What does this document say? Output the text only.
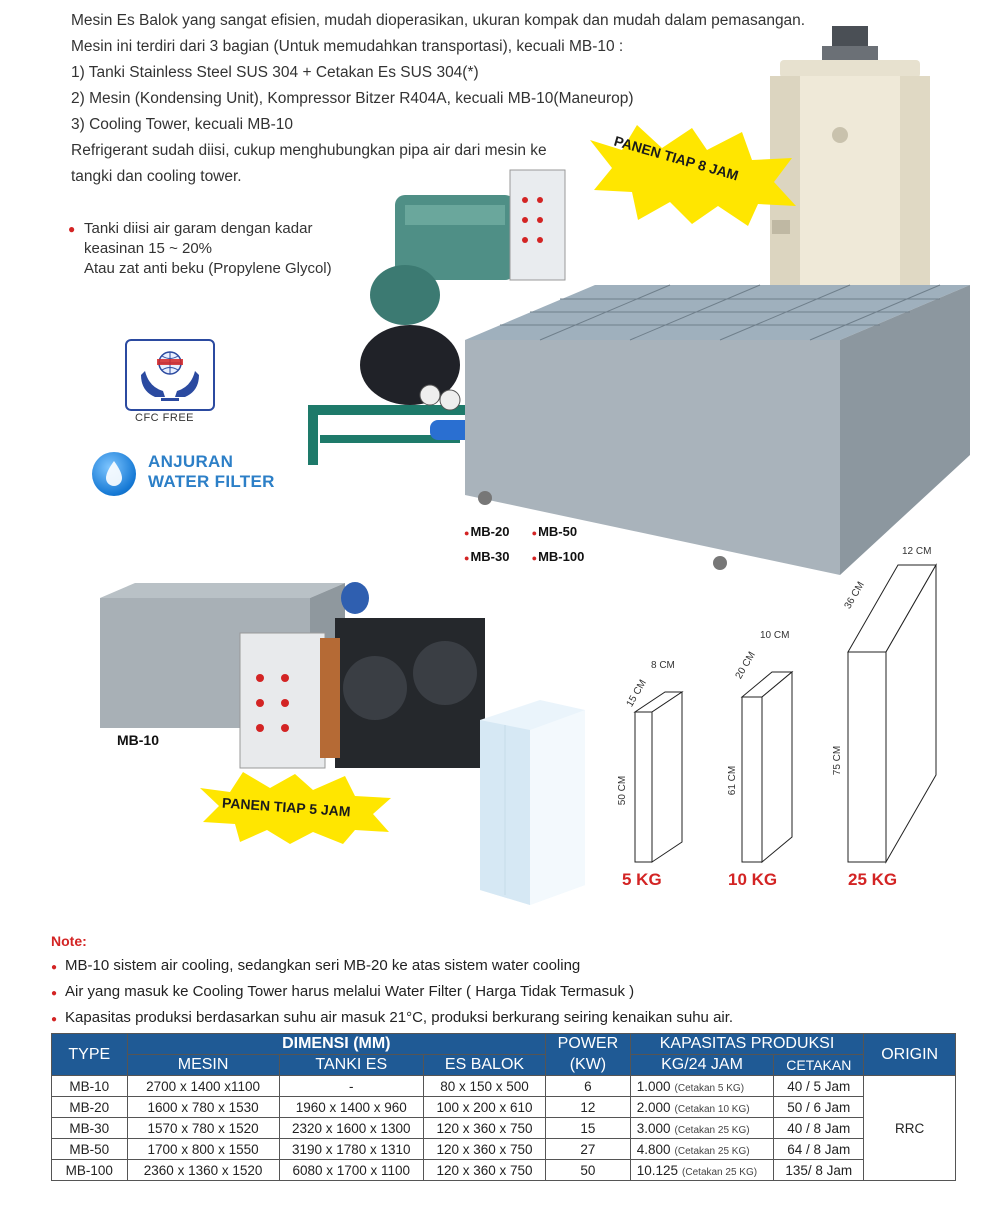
Mesin Es Balok yang sangat efisien, mudah dioperasikan, ukuran kompak dan mudah dalam pemasangan.
Mesin ini terdiri dari 3 bagian (Untuk memudahkan transportasi), kecuali MB-10 :
1) Tanki Stainless Steel SUS 304 + Cetakan Es SUS 304(*)
2) Mesin (Kondensing Unit), Kompressor Bitzer R404A, kecuali MB-10(Maneurop)
3) Cooling Tower, kecuali MB-10
Refrigerant sudah diisi, cukup menghubungkan pipa air dari mesin ke
tangki dan cooling tower.
● Tanki diisi air garam dengan kadar
keasinan 15 ~ 20%
Atau zat anti beku (Propylene Glycol)
CFC FREE
ANJURAN
WATER FILTER
PANEN TIAP 8 JAM
●MB-20 ●MB-50
●MB-30 ●MB-100
MB-10
PANEN TIAP 5 JAM
8 CM
15 CM
50 CM
5 KG
10 CM
20 CM
61 CM
10 KG
12 CM
36 CM
75 CM
25 KG
Note:
● MB-10 sistem air cooling, sedangkan seri MB-20 ke atas sistem water cooling
● Air yang masuk ke Cooling Tower harus melalui Water Filter ( Harga Tidak Termasuk )
● Kapasitas produksi berdasarkan suhu air masuk 21°C, produksi berkurang seiring kenaikan suhu air.
TYPE	DIMENSI (MM)			POWER	KAPASITAS PRODUKSI		ORIGIN
	MESIN	TANKI ES	ES BALOK	(KW)	KG/24 JAM	CETAKAN	
MB-10	2700 x 1400 x1100	-	80 x 150 x 500	6	1.000 (Cetakan 5 KG)	40 / 5 Jam	RRC
MB-20	1600 x 780 x 1530	1960 x 1400 x 960	100 x 200 x 610	12	2.000 (Cetakan 10 KG)	50 / 6 Jam	
MB-30	1570 x 780 x 1520	2320 x 1600 x 1300	120 x 360 x 750	15	3.000 (Cetakan 25 KG)	40 / 8 Jam	
MB-50	1700 x 800 x 1550	3190 x 1780 x 1310	120 x 360 x 750	27	4.800 (Cetakan 25 KG)	64 / 8 Jam	
MB-100	2360 x 1360 x 1520	6080 x 1700 x 1100	120 x 360 x 750	50	10.125 (Cetakan 25 KG)	135/ 8 Jam	
